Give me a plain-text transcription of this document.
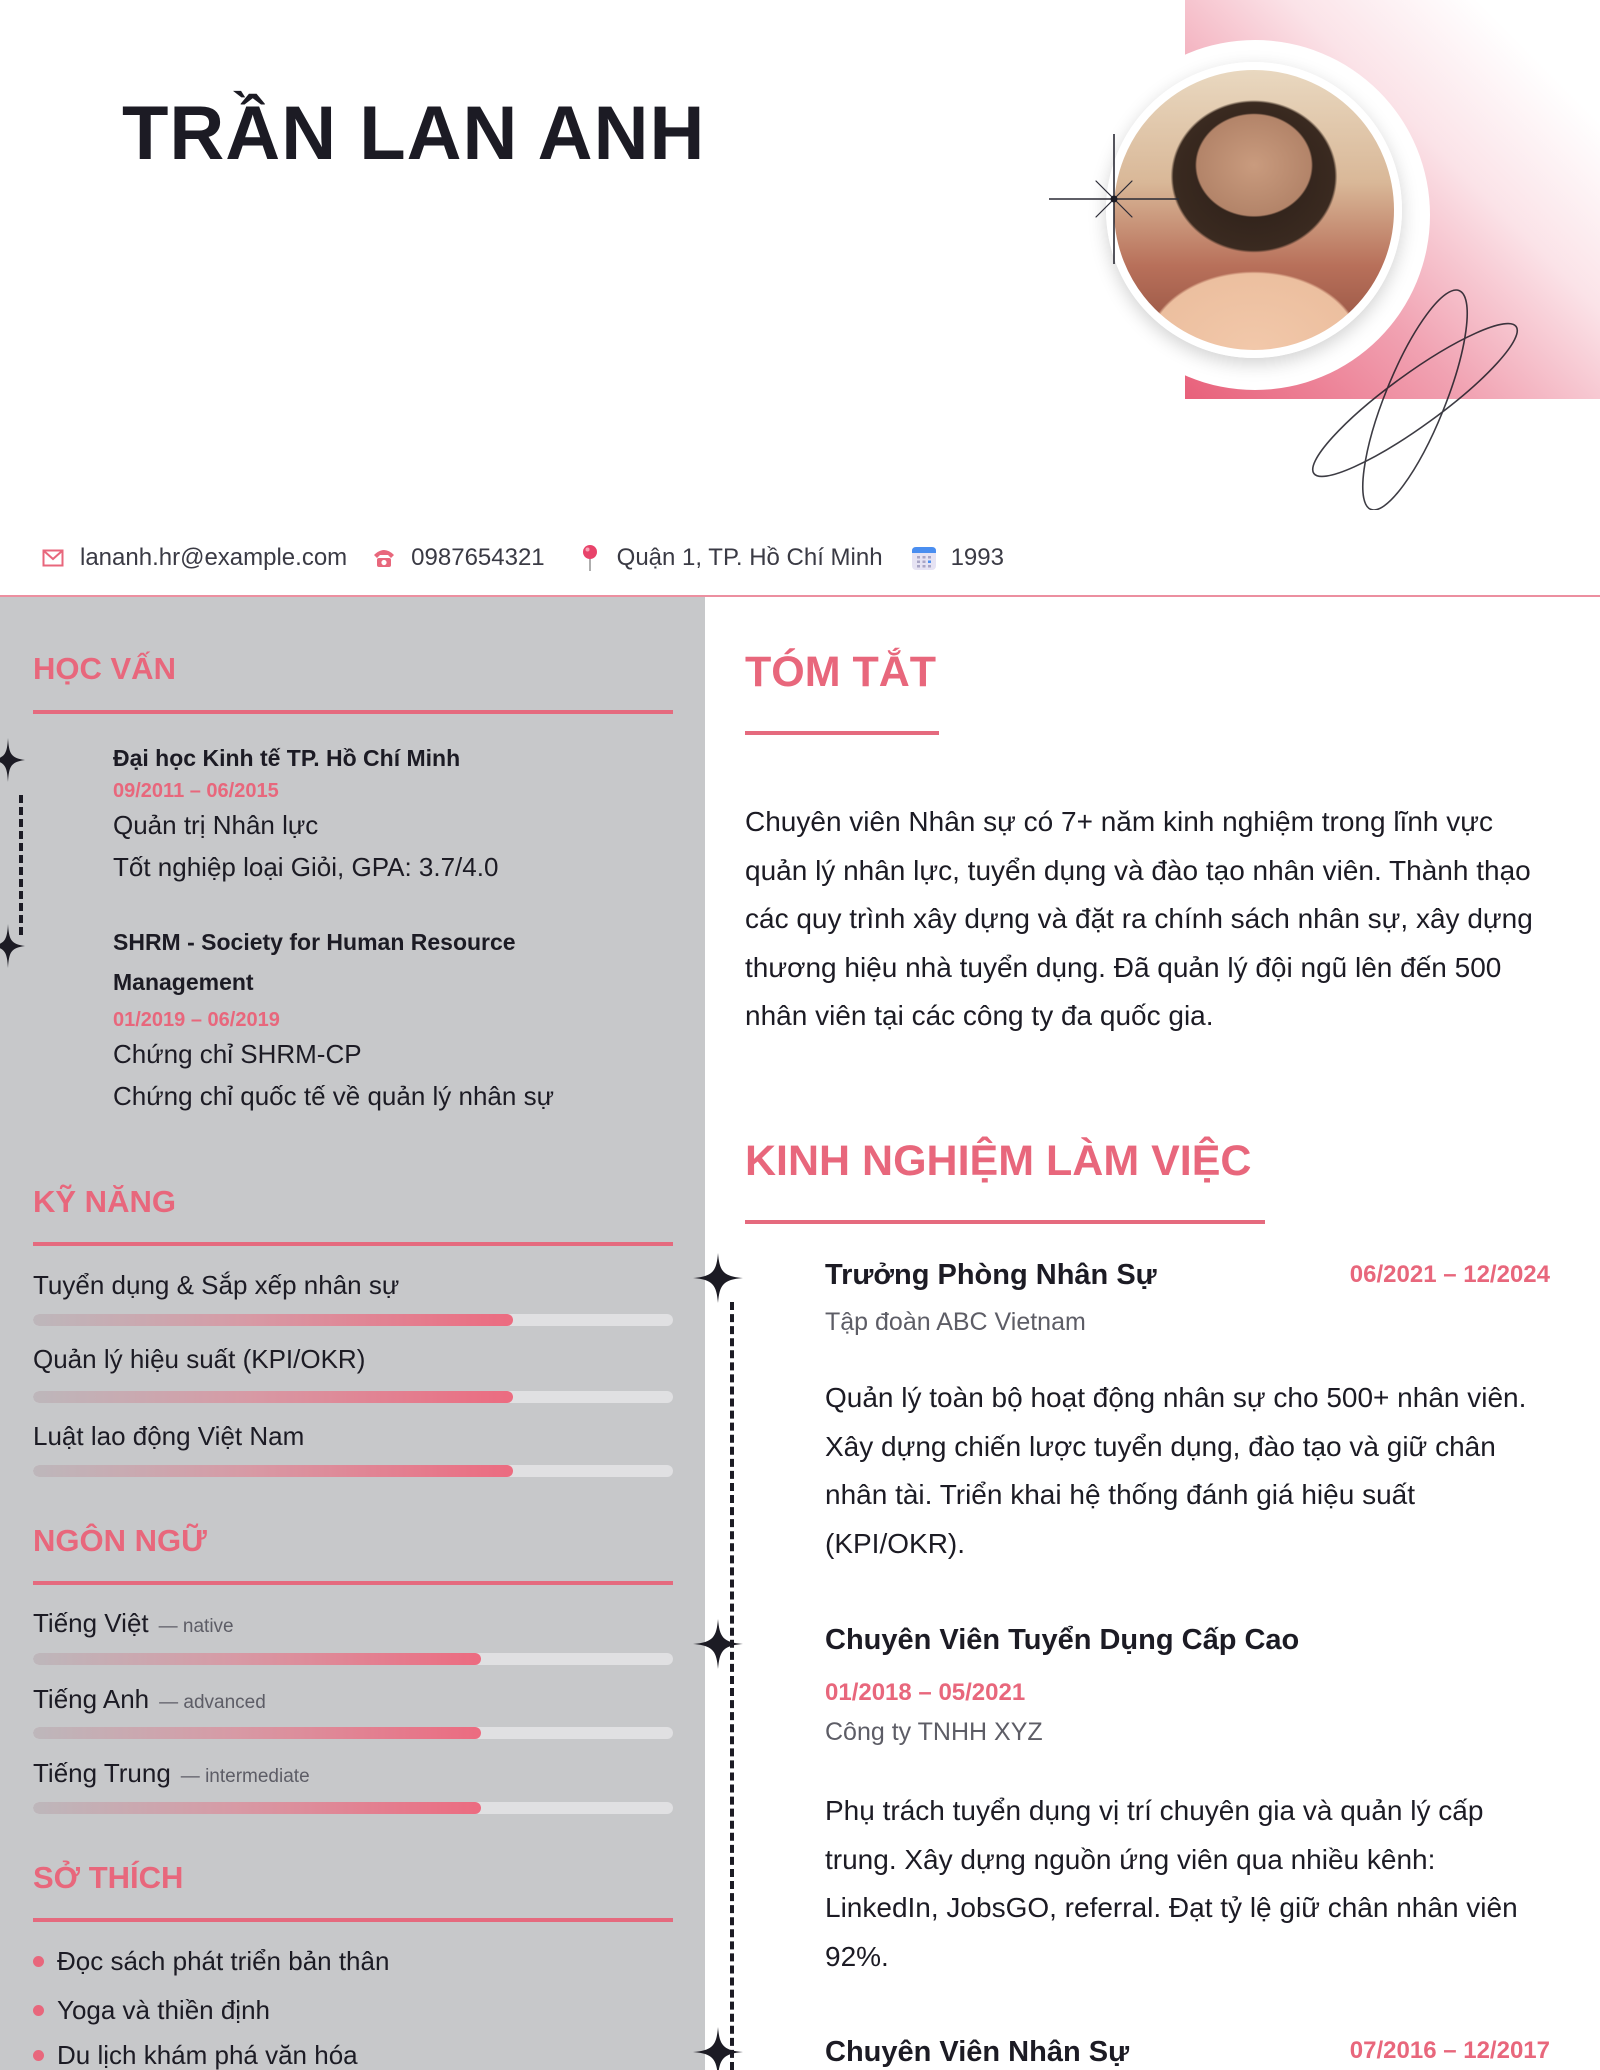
TRẦN LAN ANH
lananh.hr@example.com	0987654321	Quận 1, TP. Hồ Chí Minh	1993
HỌC VẤN
Đại học Kinh tế TP. Hồ Chí Minh
09/2011 – 06/2015
Quản trị Nhân lực
Tốt nghiệp loại Giỏi, GPA: 3.7/4.0
SHRM - Society for Human Resource Management
01/2019 – 06/2019
Chứng chỉ SHRM-CP
Chứng chỉ quốc tế về quản lý nhân sự
KỸ NĂNG
Tuyển dụng & Sắp xếp nhân sự
Quản lý hiệu suất (KPI/OKR)
Luật lao động Việt Nam
NGÔN NGỮ
Tiếng Việt — native
Tiếng Anh — advanced
Tiếng Trung — intermediate
SỞ THÍCH
Đọc sách phát triển bản thân
Yoga và thiền định
Du lịch khám phá văn hóa
TÓM TẮT
Chuyên viên Nhân sự có 7+ năm kinh nghiệm trong lĩnh vực quản lý nhân lực, tuyển dụng và đào tạo nhân viên. Thành thạo các quy trình xây dựng và đặt ra chính sách nhân sự, xây dựng thương hiệu nhà tuyển dụng. Đã quản lý đội ngũ lên đến 500 nhân viên tại các công ty đa quốc gia.
KINH NGHIỆM LÀM VIỆC
Trưởng Phòng Nhân Sự	06/2021 – 12/2024
Tập đoàn ABC Vietnam
Quản lý toàn bộ hoạt động nhân sự cho 500+ nhân viên. Xây dựng chiến lược tuyển dụng, đào tạo và giữ chân nhân tài. Triển khai hệ thống đánh giá hiệu suất (KPI/OKR).
Chuyên Viên Tuyển Dụng Cấp Cao
01/2018 – 05/2021
Công ty TNHH XYZ
Phụ trách tuyển dụng vị trí chuyên gia và quản lý cấp trung. Xây dựng nguồn ứng viên qua nhiều kênh: LinkedIn, JobsGO, referral. Đạt tỷ lệ giữ chân nhân viên 92%.
Chuyên Viên Nhân Sự	07/2016 – 12/2017
